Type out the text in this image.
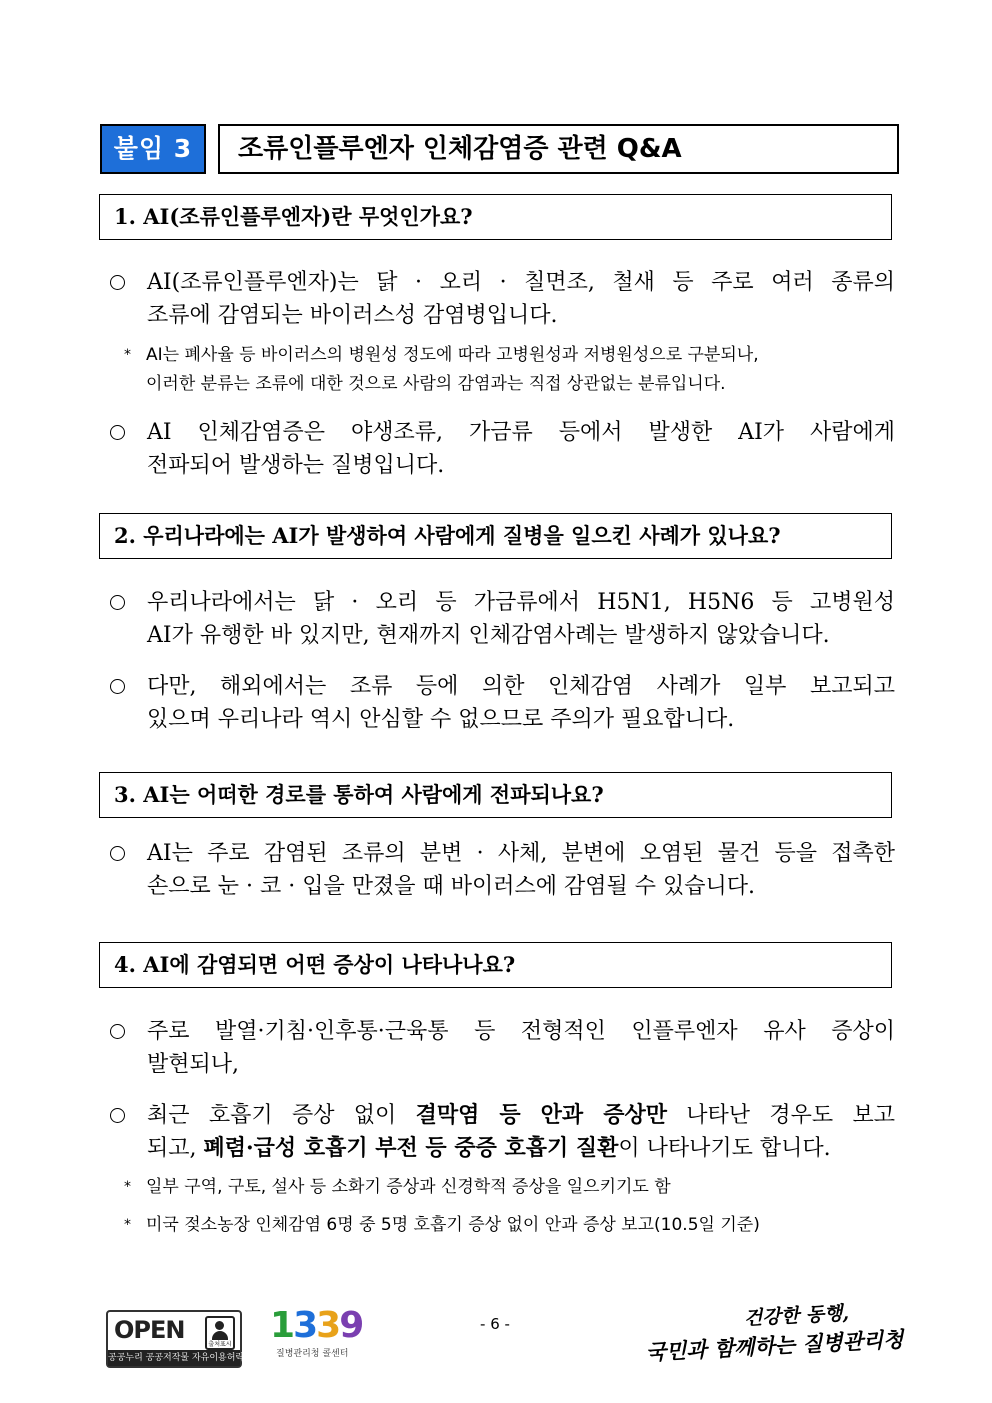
붙임 3	조류인플루엔자 인체감염증 관련 Q&A
1. AI(조류인플루엔자)란 무엇인가요?
AI(조류인플루엔자)는 닭 · 오리 · 칠면조, 철새 등 주로 여러 종류의
조류에 감염되는 바이러스성 감염병입니다.
* AI는 폐사율 등 바이러스의 병원성 정도에 따라 고병원성과 저병원성으로 구분되나,
이러한 분류는 조류에 대한 것으로 사람의 감염과는 직접 상관없는 분류입니다.
AI 인체감염증은 야생조류, 가금류 등에서 발생한 AI가 사람에게
전파되어 발생하는 질병입니다.
2. 우리나라에는 AI가 발생하여 사람에게 질병을 일으킨 사례가 있나요?
우리나라에서는 닭 · 오리 등 가금류에서 H5N1, H5N6 등 고병원성
AI가 유행한 바 있지만, 현재까지 인체감염사례는 발생하지 않았습니다.
다만, 해외에서는 조류 등에 의한 인체감염 사례가 일부 보고되고
있으며 우리나라 역시 안심할 수 없으므로 주의가 필요합니다.
3. AI는 어떠한 경로를 통하여 사람에게 전파되나요?
AI는 주로 감염된 조류의 분변 · 사체, 분변에 오염된 물건 등을 접촉한
손으로 눈 · 코 · 입을 만졌을 때 바이러스에 감염될 수 있습니다.
4. AI에 감염되면 어떤 증상이 나타나나요?
주로 발열·기침·인후통·근육통 등 전형적인 인플루엔자 유사 증상이
발현되나,
최근 호흡기 증상 없이 결막염 등 안과 증상만 나타난 경우도 보고
되고, 폐렴·급성 호흡기 부전 등 중증 호흡기 질환이 나타나기도 합니다.
* 일부 구역, 구토, 설사 등 소화기 증상과 신경학적 증상을 일으키기도 함
* 미국 젖소농장 인체감염 6명 중 5명 호흡기 증상 없이 안과 증상 보고(10.5일 기준)
OPEN
출처표시
공공누리 공공저작물 자유이용허락
1339
질병관리청 콜센터
- 6 -	건강한 동행,
국민과 함께하는 질병관리청
